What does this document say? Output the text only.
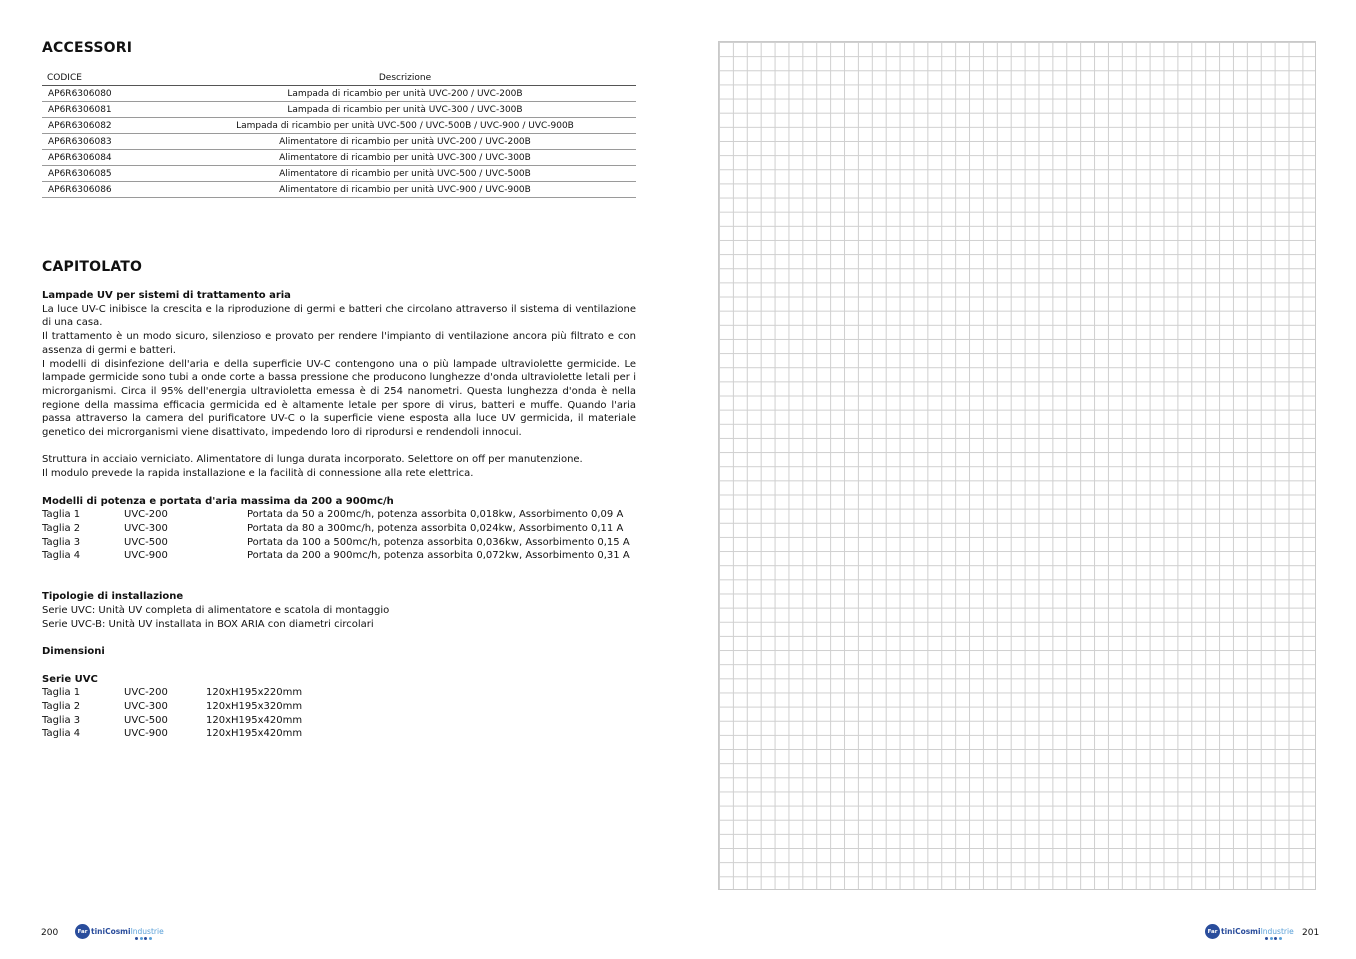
ACCESSORI
CODICE	Descrizione
AP6R6306080	Lampada di ricambio per unità UVC-200 / UVC-200B
AP6R6306081	Lampada di ricambio per unità UVC-300 / UVC-300B
AP6R6306082	Lampada di ricambio per unità UVC-500 / UVC-500B / UVC-900 / UVC-900B
AP6R6306083	Alimentatore di ricambio per unità UVC-200 / UVC-200B
AP6R6306084	Alimentatore di ricambio per unità UVC-300 / UVC-300B
AP6R6306085	Alimentatore di ricambio per unità UVC-500 / UVC-500B
AP6R6306086	Alimentatore di ricambio per unità UVC-900 / UVC-900B
CAPITOLATO

Lampade UV per sistemi di trattamento aria

La luce UV-C inibisce la crescita e la riproduzione di germi e batteri che circolano attraverso il sistema di ventilazione di una casa.

Il trattamento è un modo sicuro, silenzioso e provato per rendere l'impianto di ventilazione ancora più filtrato e con assenza di germi e batteri.

I modelli di disinfezione dell'aria e della superficie UV-C contengono una o più lampade ultraviolette germicide. Le lampade germicide sono tubi a onde corte a bassa pressione che producono lunghezze d'onda ultraviolette letali per i microrganismi. Circa il 95% dell'energia ultravioletta emessa è di 254 nanometri. Questa lunghezza d'onda è nella regione della massima efficacia germicida ed è altamente letale per spore di virus, batteri e muffe. Quando l'aria passa attraverso la camera del purificatore UV-C o la superficie viene esposta alla luce UV germicida, il materiale genetico dei microrganismi viene disattivato, impedendo loro di riprodursi e rendendoli innocui.

Struttura in acciaio verniciato. Alimentatore di lunga durata incorporato. Selettore on off per manutenzione.

Il modulo prevede la rapida installazione e la facilità di connessione alla rete elettrica.

Modelli di potenza e portata d'aria massima da 200 a 900mc/h

Taglia 1	UVC-200	Portata da 50 a 200mc/h, potenza assorbita 0,018kw, Assorbimento 0,09 A
Taglia 2	UVC-300	Portata da 80 a 300mc/h, potenza assorbita 0,024kw, Assorbimento 0,11 A
Taglia 3	UVC-500	Portata da 100 a 500mc/h, potenza assorbita 0,036kw, Assorbimento 0,15 A
Taglia 4	UVC-900	Portata da 200 a 900mc/h, potenza assorbita 0,072kw, Assorbimento 0,31 A

Tipologie di installazione

Serie UVC: Unità UV completa di alimentatore e scatola di montaggio

Serie UVC-B: Unità UV installata in BOX ARIA con diametri circolari

Dimensioni

Serie UVC

Taglia 1	UVC-200	120xH195x220mm
Taglia 2	UVC-300	120xH195x320mm
Taglia 3	UVC-500	120xH195x420mm
Taglia 4	UVC-900	120xH195x420mm
200	Far tiniCosmiIndustrie	Far tiniCosmiIndustrie 201
